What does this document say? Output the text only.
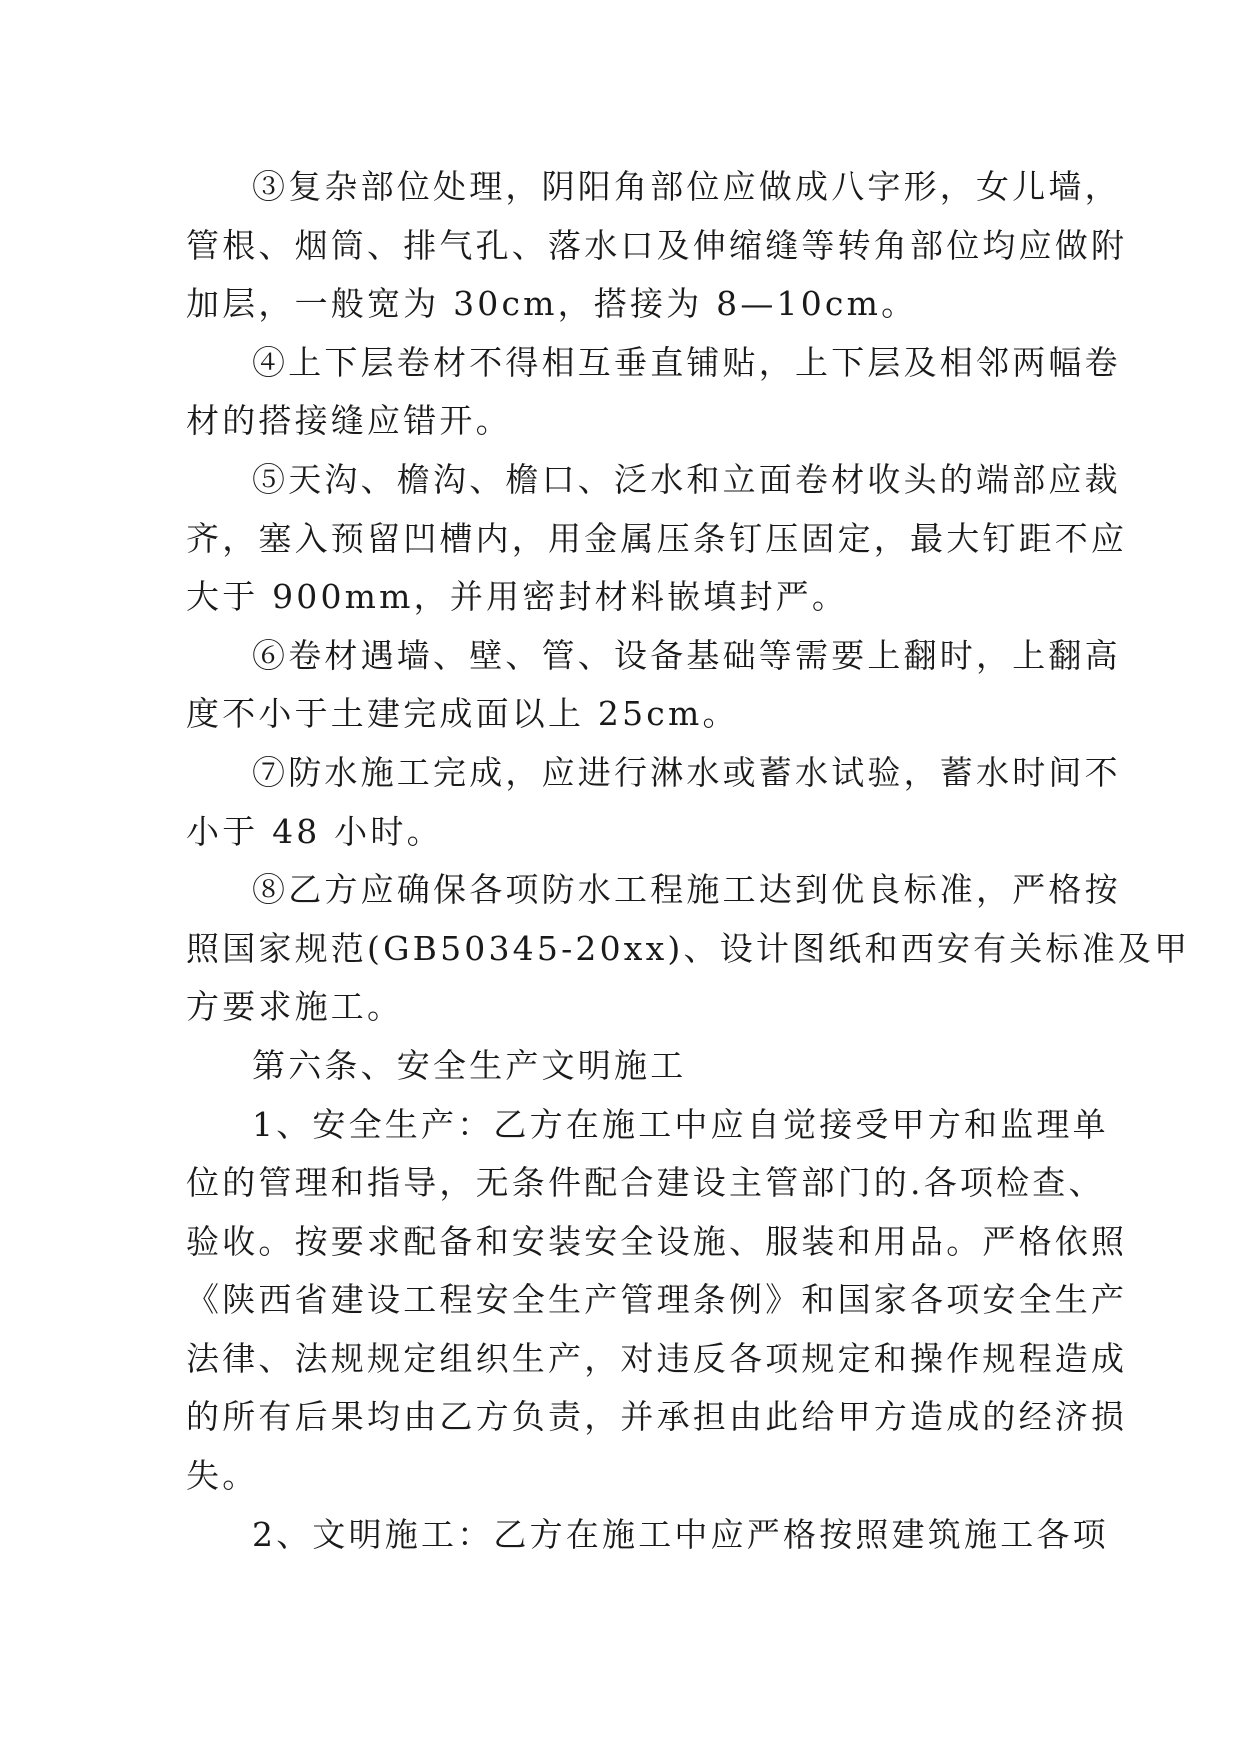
③复杂部位处理，阴阳角部位应做成八字形，女儿墙，
管根、烟筒、排气孔、落水口及伸缩缝等转角部位均应做附
加层，一般宽为 30cm，搭接为 8—10cm。
④上下层卷材不得相互垂直铺贴，上下层及相邻两幅卷
材的搭接缝应错开。
⑤天沟、檐沟、檐口、泛水和立面卷材收头的端部应裁
齐，塞入预留凹槽内，用金属压条钉压固定，最大钉距不应
大于 900mm，并用密封材料嵌填封严。
⑥卷材遇墙、壁、管、设备基础等需要上翻时，上翻高
度不小于土建完成面以上 25cm。
⑦防水施工完成，应进行淋水或蓄水试验，蓄水时间不
小于 48 小时。
⑧乙方应确保各项防水工程施工达到优良标准，严格按
照国家规范(GB50345-20xx)、设计图纸和西安有关标准及甲
方要求施工。
第六条、安全生产文明施工
1、安全生产：乙方在施工中应自觉接受甲方和监理单
位的管理和指导，无条件配合建设主管部门的.各项检查、
验收。按要求配备和安装安全设施、服装和用品。严格依照
《陕西省建设工程安全生产管理条例》和国家各项安全生产
法律、法规规定组织生产，对违反各项规定和操作规程造成
的所有后果均由乙方负责，并承担由此给甲方造成的经济损
失。
2、文明施工：乙方在施工中应严格按照建筑施工各项
